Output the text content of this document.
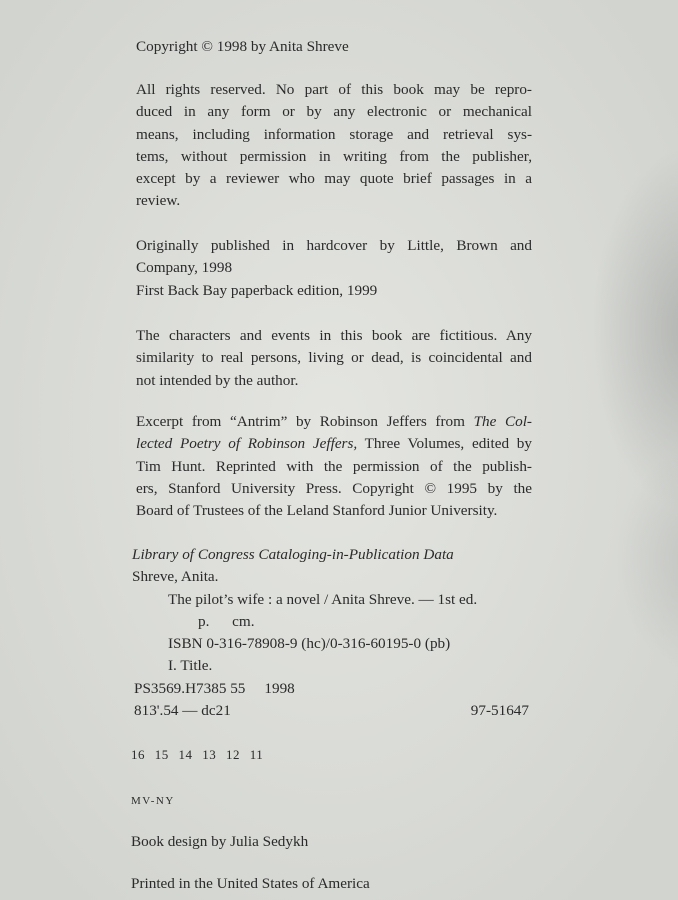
Copyright © 1998 by Anita Shreve
All rights reserved. No part of this book may be repro-
duced in any form or by any electronic or mechanical
means, including information storage and retrieval sys-
tems, without permission in writing from the publisher,
except by a reviewer who may quote brief passages in a
review.
Originally published in hardcover by Little, Brown and
Company, 1998
First Back Bay paperback edition, 1999
The characters and events in this book are fictitious. Any
similarity to real persons, living or dead, is coincidental and
not intended by the author.
Excerpt from “Antrim” by Robinson Jeffers from The Col-
lected Poetry of Robinson Jeffers, Three Volumes, edited by
Tim Hunt. Reprinted with the permission of the publish-
ers, Stanford University Press. Copyright © 1995 by the
Board of Trustees of the Leland Stanford Junior University.
Library of Congress Cataloging-in-Publication Data
Shreve, Anita.
The pilot’s wife : a novel / Anita Shreve. — 1st ed.
p.      cm.
ISBN 0-316-78908-9 (hc)/0-316-60195-0 (pb)
I. Title.
PS3569.H7385 55     1998
813'.54 — dc21	97-51647
16 15 14 13 12 11
MV-NY
Book design by Julia Sedykh
Printed in the United States of America
